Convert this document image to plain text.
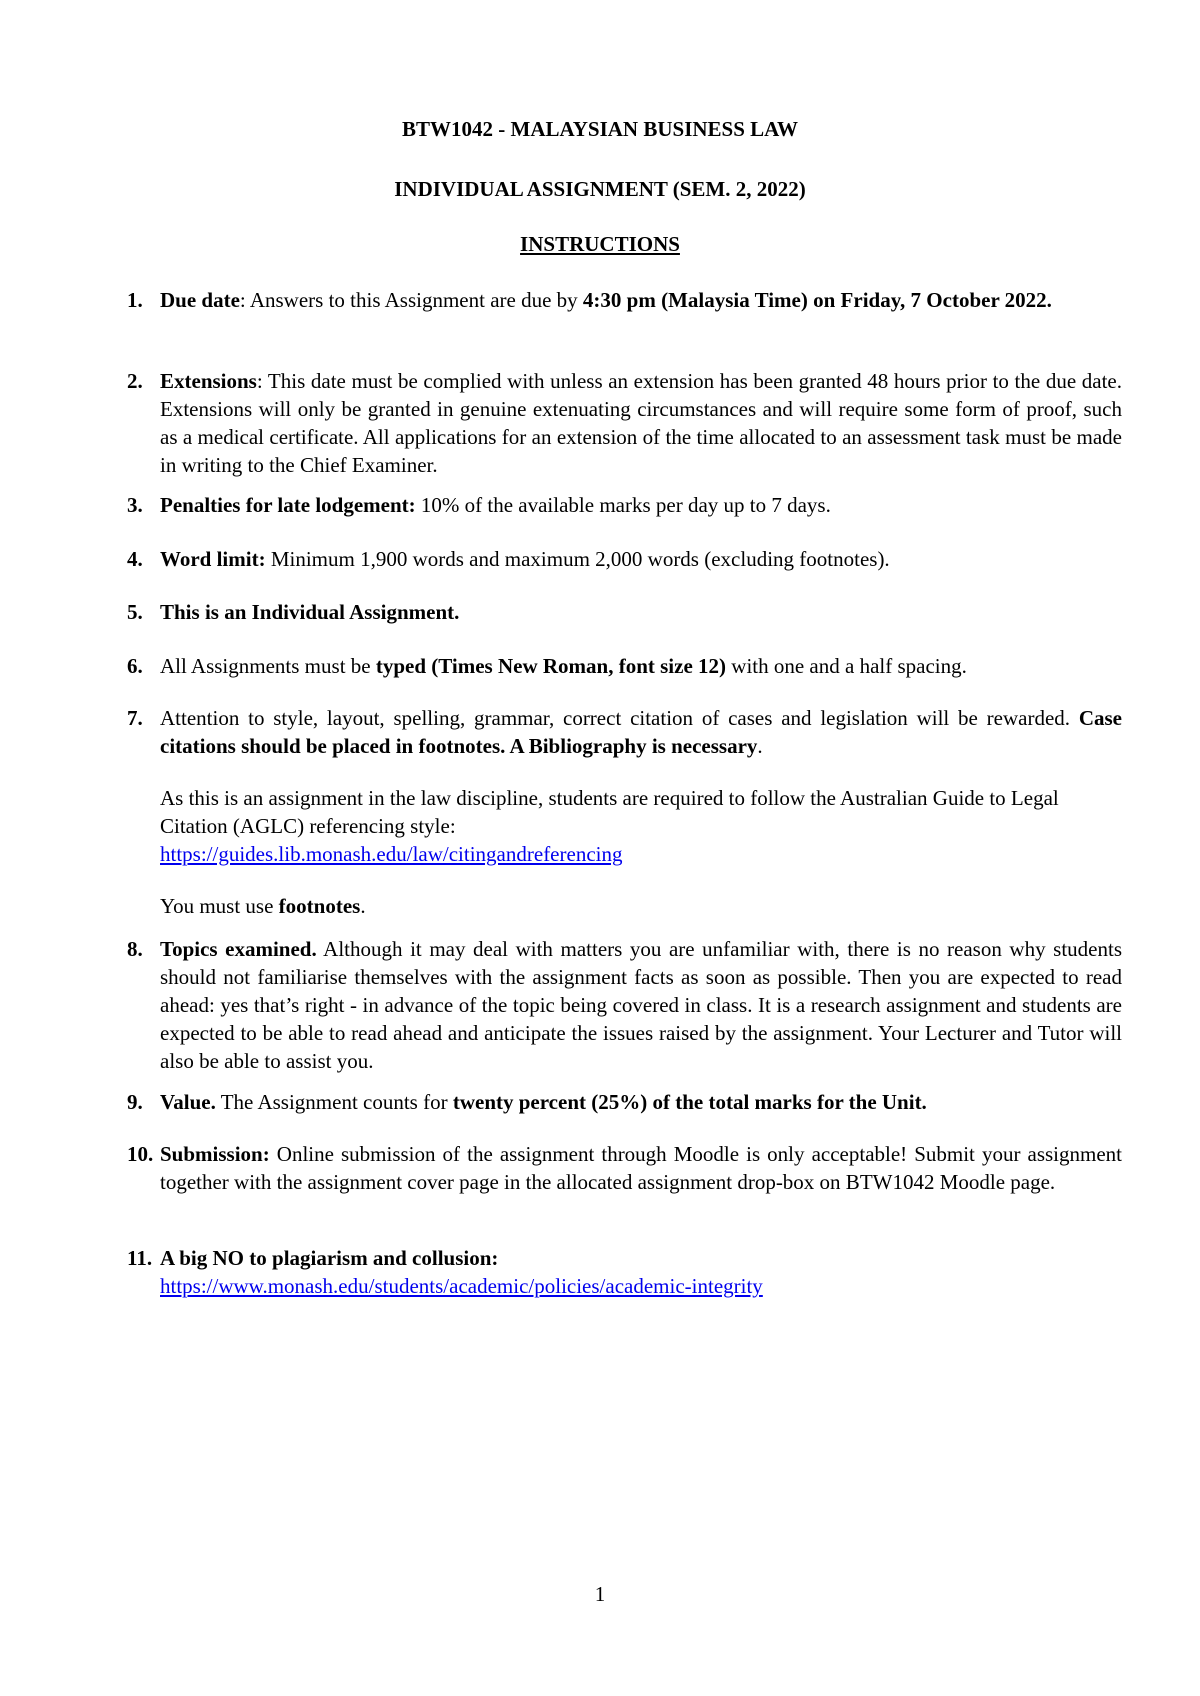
BTW1042 - MALAYSIAN BUSINESS LAW

INDIVIDUAL ASSIGNMENT (SEM. 2, 2022)

INSTRUCTIONS

1. Due date: Answers to this Assignment are due by 4:30 pm (Malaysia Time) on Friday, 7 October 2022.

2. Extensions: This date must be complied with unless an extension has been granted 48 hours prior to the due date. Extensions will only be granted in genuine extenuating circumstances and will require some form of proof, such as a medical certificate. All applications for an extension of the time allocated to an assessment task must be made in writing to the Chief Examiner.

3. Penalties for late lodgement: 10% of the available marks per day up to 7 days.

4. Word limit: Minimum 1,900 words and maximum 2,000 words (excluding footnotes).

5. This is an Individual Assignment.

6. All Assignments must be typed (Times New Roman, font size 12) with one and a half spacing.

7. Attention to style, layout, spelling, grammar, correct citation of cases and legislation will be rewarded. Case citations should be placed in footnotes. A Bibliography is necessary.

As this is an assignment in the law discipline, students are required to follow the Australian Guide to Legal Citation (AGLC) referencing style:
https://guides.lib.monash.edu/law/citingandreferencing

You must use footnotes.

8. Topics examined. Although it may deal with matters you are unfamiliar with, there is no reason why students should not familiarise themselves with the assignment facts as soon as possible. Then you are expected to read ahead: yes that’s right - in advance of the topic being covered in class. It is a research assignment and students are expected to be able to read ahead and anticipate the issues raised by the assignment. Your Lecturer and Tutor will also be able to assist you.

9. Value. The Assignment counts for twenty percent (25%) of the total marks for the Unit.

10. Submission: Online submission of the assignment through Moodle is only acceptable! Submit your assignment together with the assignment cover page in the allocated assignment drop-box on BTW1042 Moodle page.

11. A big NO to plagiarism and collusion:
https://www.monash.edu/students/academic/policies/academic-integrity

1
